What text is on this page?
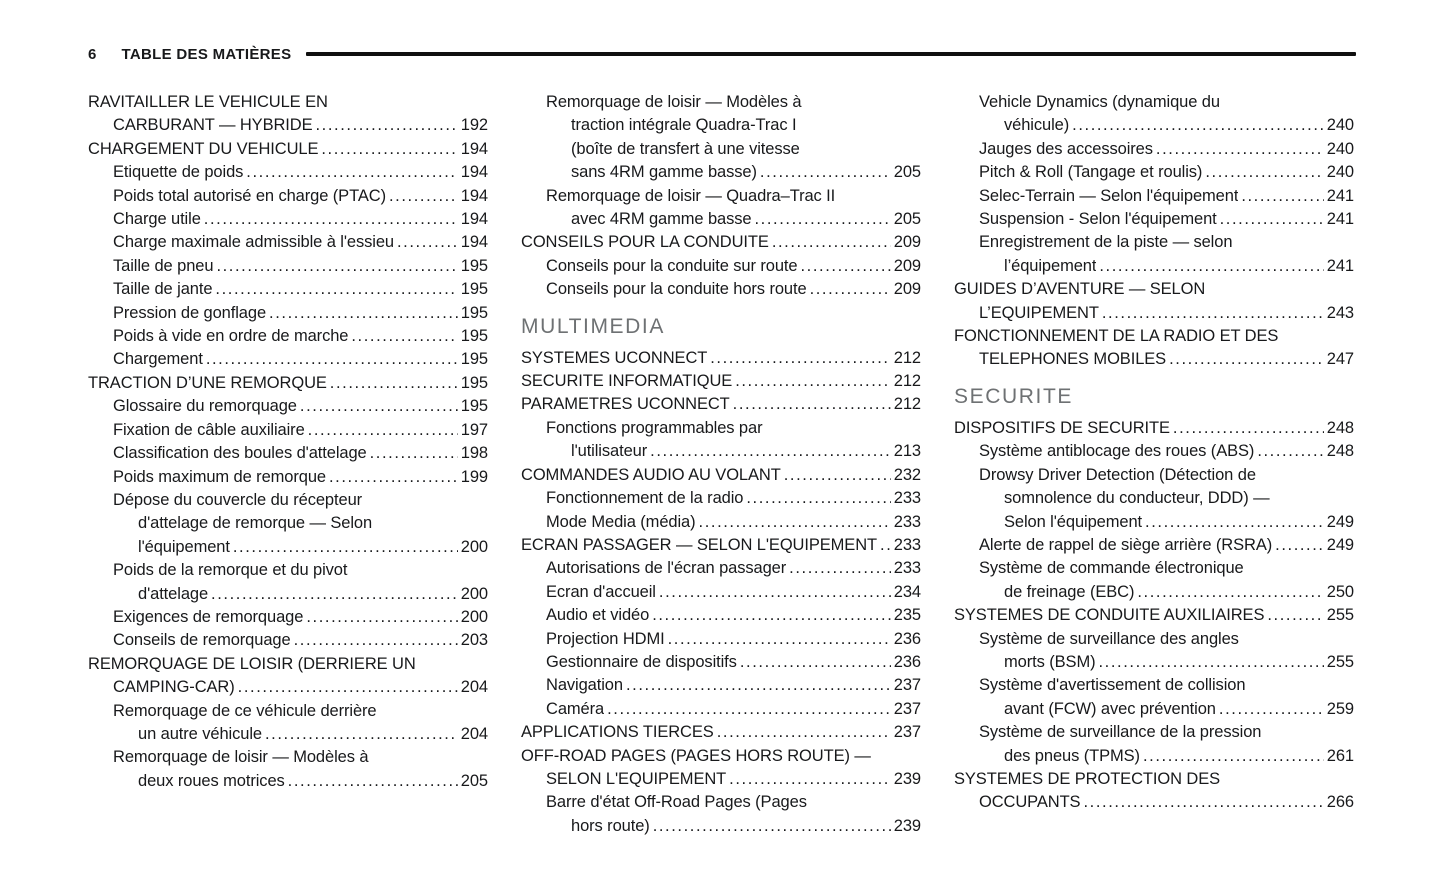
6 TABLE DES MATIÈRES
RAVITAILLER LE VEHICULE EN
CARBURANT — HYBRIDE .....	192
CHARGEMENT DU VEHICULE .....	194
Etiquette de poids .....	194
Poids total autorisé en charge (PTAC) .....	194
Charge utile .....	194
Charge maximale admissible à l'essieu .....	194
Taille de pneu .....	195
Taille de jante .....	195
Pression de gonflage .....	195
Poids à vide en ordre de marche .....	195
Chargement .....	195
TRACTION D’UNE REMORQUE .....	195
Glossaire du remorquage .....	195
Fixation de câble auxiliaire .....	197
Classification des boules d'attelage .....	198
Poids maximum de remorque .....	199
Dépose du couvercle du récepteur
d'attelage de remorque — Selon
l'équipement .....	200
Poids de la remorque et du pivot
d'attelage .....	200
Exigences de remorquage .....	200
Conseils de remorquage .....	203
REMORQUAGE DE LOISIR (DERRIERE UN
CAMPING-CAR) .....	204
Remorquage de ce véhicule derrière
un autre véhicule .....	204
Remorquage de loisir — Modèles à
deux roues motrices .....	205
Remorquage de loisir — Modèles à
traction intégrale Quadra-Trac I
(boîte de transfert à une vitesse
sans 4RM gamme basse) .....	205
Remorquage de loisir — Quadra–Trac II
avec 4RM gamme basse .....	205
CONSEILS POUR LA CONDUITE .....	209
Conseils pour la conduite sur route .....	209
Conseils pour la conduite hors route .....	209
MULTIMEDIA
SYSTEMES UCONNECT .....	212
SECURITE INFORMATIQUE .....	212
PARAMETRES UCONNECT .....	212
Fonctions programmables par
l'utilisateur .....	213
COMMANDES AUDIO AU VOLANT .....	232
Fonctionnement de la radio .....	233
Mode Media (média) .....	233
ECRAN PASSAGER — SELON L'EQUIPEMENT ..... 233
Autorisations de l'écran passager .....	233
Ecran d'accueil .....	234
Audio et vidéo .....	235
Projection HDMI .....	236
Gestionnaire de dispositifs .....	236
Navigation .....	237
Caméra .....	237
APPLICATIONS TIERCES .....	237
OFF-ROAD PAGES (PAGES HORS ROUTE) —
SELON L'EQUIPEMENT .....	239
Barre d'état Off-Road Pages (Pages
hors route) .....	239
Vehicle Dynamics (dynamique du
véhicule) .....	240
Jauges des accessoires .....	240
Pitch & Roll (Tangage et roulis) .....	240
Selec-Terrain — Selon l'équipement .....	241
Suspension - Selon l'équipement .....	241
Enregistrement de la piste — selon
l’équipement .....	241
GUIDES D’AVENTURE — SELON
L’EQUIPEMENT .....	243
FONCTIONNEMENT DE LA RADIO ET DES
TELEPHONES MOBILES .....	247
SECURITE
DISPOSITIFS DE SECURITE .....	248
Système antiblocage des roues (ABS) .....	248
Drowsy Driver Detection (Détection de
somnolence du conducteur, DDD) —
Selon l'équipement .....	249
Alerte de rappel de siège arrière (RSRA) .....	249
Système de commande électronique
de freinage (EBC) .....	250
SYSTEMES DE CONDUITE AUXILIAIRES .....	255
Système de surveillance des angles
morts (BSM) .....	255
Système d'avertissement de collision
avant (FCW) avec prévention .....	259
Système de surveillance de la pression
des pneus (TPMS) .....	261
SYSTEMES DE PROTECTION DES
OCCUPANTS .....	266
